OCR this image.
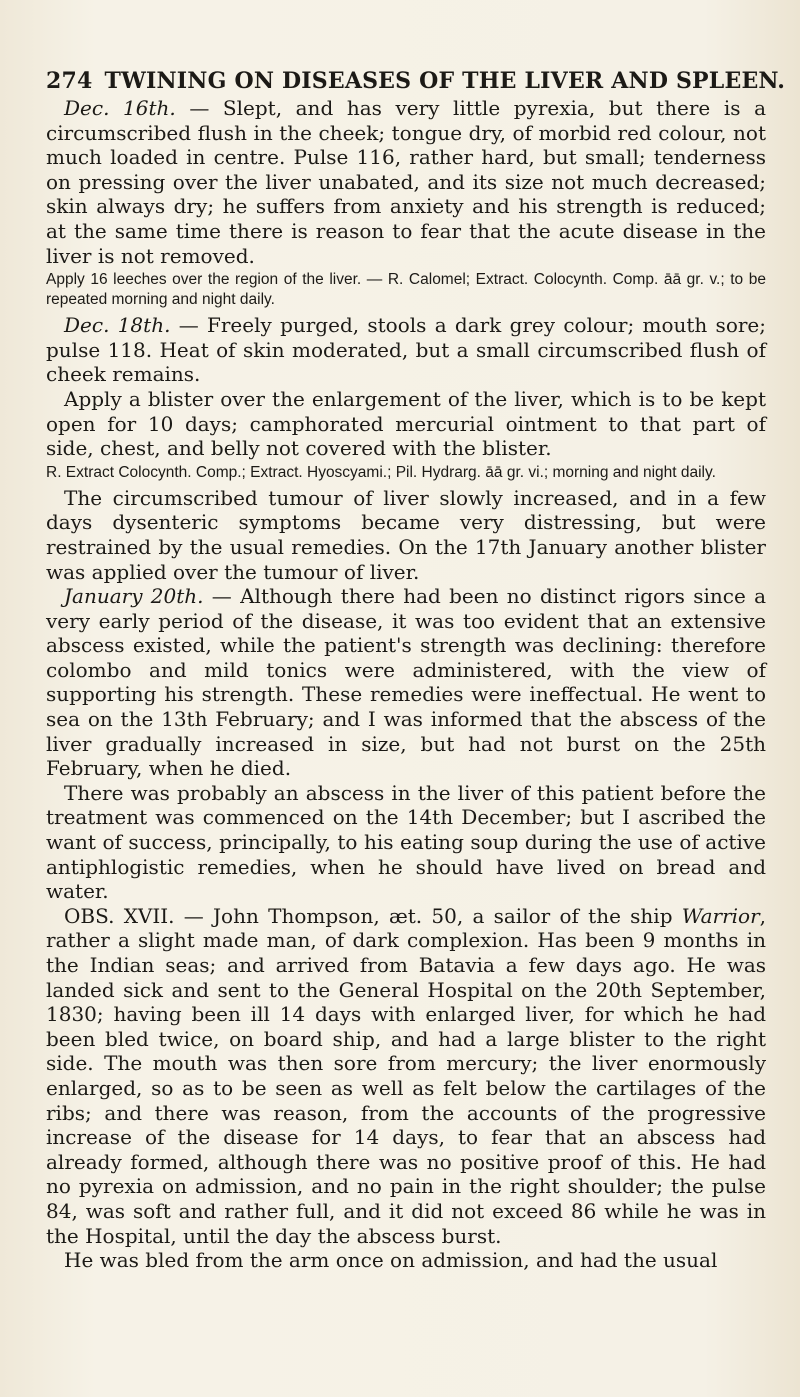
274 TWINING ON DISEASES OF THE LIVER AND SPLEEN.

Dec. 16th. — Slept, and has very little pyrexia, but there is a circumscribed flush in the cheek; tongue dry, of morbid red colour, not much loaded in centre. Pulse 116, rather hard, but small; tenderness on pressing over the liver unabated, and its size not much decreased; skin always dry; he suffers from anxiety and his strength is reduced; at the same time there is reason to fear that the acute disease in the liver is not removed.

Apply 16 leeches over the region of the liver. — R. Calomel; Extract. Colocynth. Comp. āā gr. v.; to be repeated morning and night daily.

Dec. 18th. — Freely purged, stools a dark grey colour; mouth sore; pulse 118. Heat of skin moderated, but a small circumscribed flush of cheek remains.

Apply a blister over the enlargement of the liver, which is to be kept open for 10 days; camphorated mercurial ointment to that part of side, chest, and belly not covered with the blister.

R. Extract Colocynth. Comp.; Extract. Hyoscyami.; Pil. Hydrarg. āā gr. vi.; morning and night daily.

The circumscribed tumour of liver slowly increased, and in a few days dysenteric symptoms became very distressing, but were restrained by the usual remedies. On the 17th January another blister was applied over the tumour of liver.

January 20th. — Although there had been no distinct rigors since a very early period of the disease, it was too evident that an extensive abscess existed, while the patient's strength was declining: therefore colombo and mild tonics were administered, with the view of supporting his strength. These remedies were ineffectual. He went to sea on the 13th February; and I was informed that the abscess of the liver gradually increased in size, but had not burst on the 25th February, when he died.

There was probably an abscess in the liver of this patient before the treatment was commenced on the 14th December; but I ascribed the want of success, principally, to his eating soup during the use of active antiphlogistic remedies, when he should have lived on bread and water.

OBS. XVII. — John Thompson, æt. 50, a sailor of the ship Warrior, rather a slight made man, of dark complexion. Has been 9 months in the Indian seas; and arrived from Batavia a few days ago. He was landed sick and sent to the General Hospital on the 20th September, 1830; having been ill 14 days with enlarged liver, for which he had been bled twice, on board ship, and had a large blister to the right side. The mouth was then sore from mercury; the liver enormously enlarged, so as to be seen as well as felt below the cartilages of the ribs; and there was reason, from the accounts of the progressive increase of the disease for 14 days, to fear that an abscess had already formed, although there was no positive proof of this. He had no pyrexia on admission, and no pain in the right shoulder; the pulse 84, was soft and rather full, and it did not exceed 86 while he was in the Hospital, until the day the abscess burst.

He was bled from the arm once on admission, and had the usual
